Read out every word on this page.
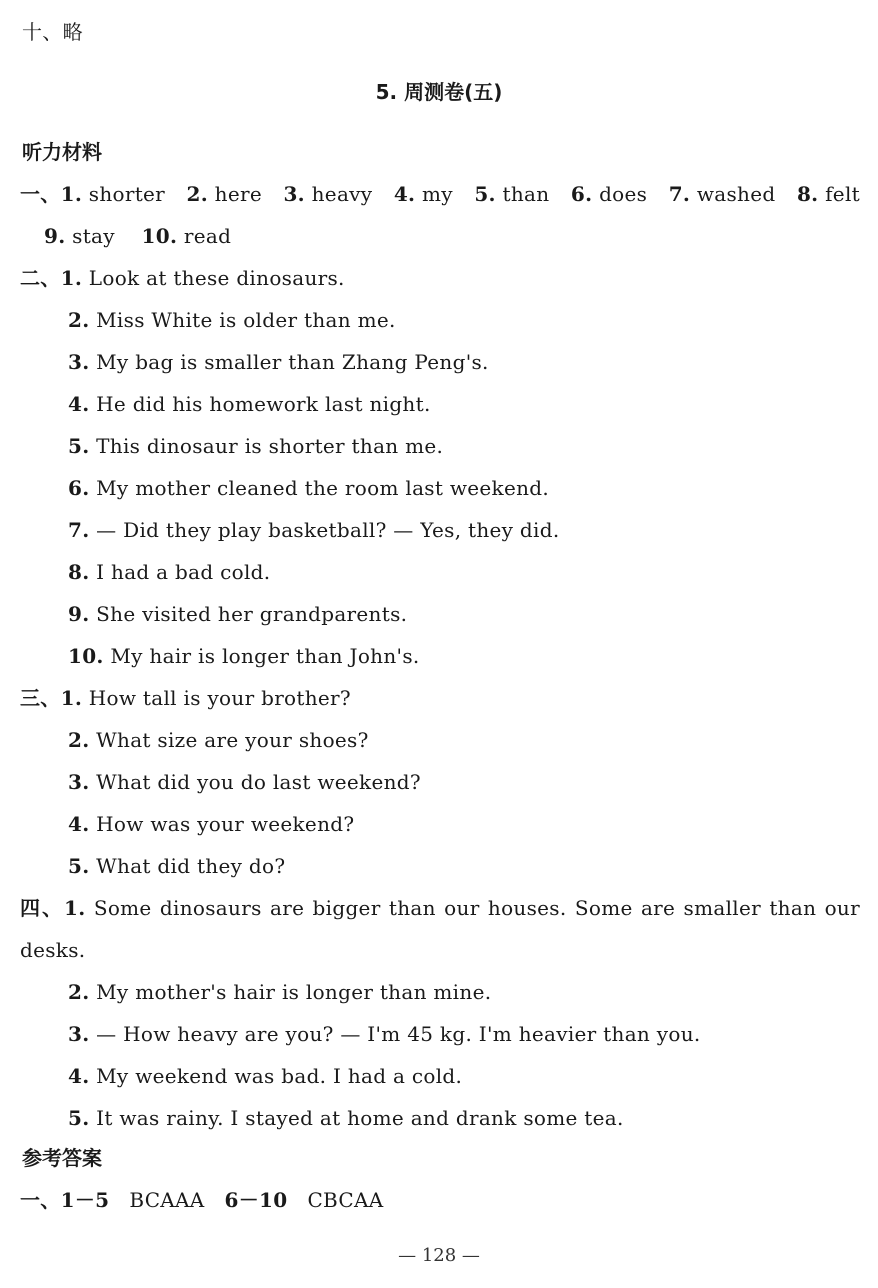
十、略
5. 周测卷(五)
听力材料
一、1. shorter 2. here 3. heavy 4. my 5. than 6. does 7. washed 8. felt
9. stay 10. read
二、1. Look at these dinosaurs.
2. Miss White is older than me.
3. My bag is smaller than Zhang Peng's.
4. He did his homework last night.
5. This dinosaur is shorter than me.
6. My mother cleaned the room last weekend.
7. — Did they play basketball? — Yes, they did.
8. I had a bad cold.
9. She visited her grandparents.
10. My hair is longer than John's.
三、1. How tall is your brother?
2. What size are your shoes?
3. What did you do last weekend?
4. How was your weekend?
5. What did they do?
四、1. Some dinosaurs are bigger than our houses. Some are smaller than our
desks.
2. My mother's hair is longer than mine.
3. — How heavy are you? — I'm 45 kg. I'm heavier than you.
4. My weekend was bad. I had a cold.
5. It was rainy. I stayed at home and drank some tea.
参考答案
一、1－5 BCAAA 6－10 CBCAA
— 128 —
